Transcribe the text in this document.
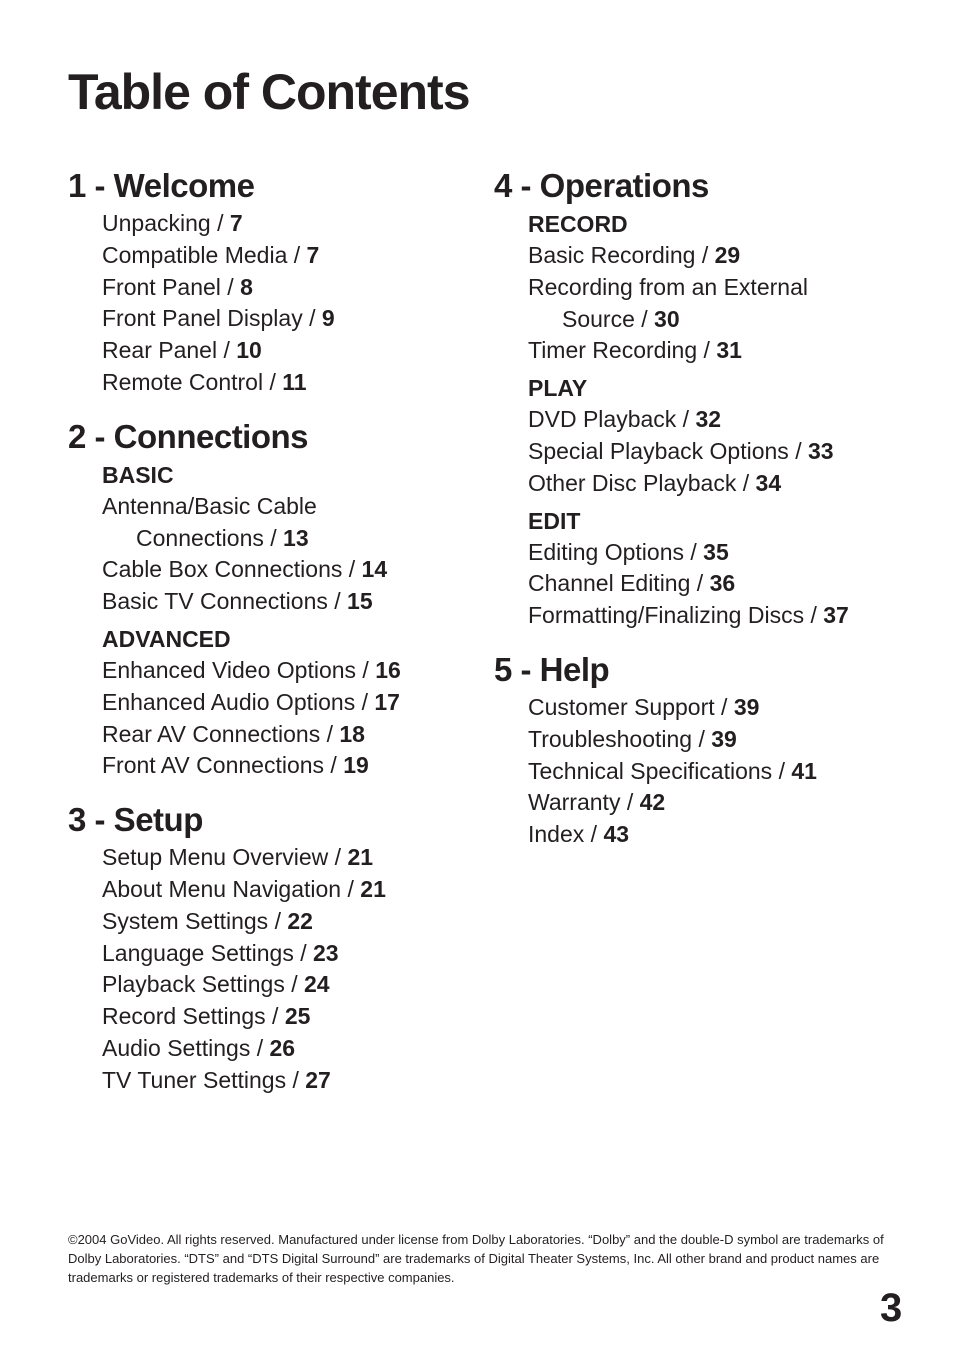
Table of Contents
1 - Welcome
Unpacking / 7
Compatible Media / 7
Front Panel / 8
Front Panel Display / 9
Rear Panel / 10
Remote Control / 11
2 - Connections
BASIC
Antenna/Basic Cable
Connections / 13
Cable Box Connections / 14
Basic TV Connections / 15
ADVANCED
Enhanced Video Options / 16
Enhanced Audio Options / 17
Rear AV Connections / 18
Front AV Connections / 19
3 - Setup
Setup Menu Overview / 21
About Menu Navigation / 21
System Settings / 22
Language Settings / 23
Playback Settings / 24
Record Settings / 25
Audio Settings / 26
TV Tuner Settings / 27
4 - Operations
RECORD
Basic Recording / 29
Recording from an External
Source / 30
Timer Recording / 31
PLAY
DVD Playback / 32
Special Playback Options / 33
Other Disc Playback / 34
EDIT
Editing Options / 35
Channel Editing / 36
Formatting/Finalizing Discs / 37
5 - Help
Customer Support / 39
Troubleshooting / 39
Technical Specifications / 41
Warranty / 42
Index / 43
©2004 GoVideo. All rights reserved. Manufactured under license from Dolby Laboratories. “Dolby” and the double-D symbol are trademarks of Dolby Laboratories. “DTS” and “DTS Digital Surround” are trademarks of Digital Theater Systems, Inc. All other brand and product names are trademarks or registered trademarks of their respective companies.
3
